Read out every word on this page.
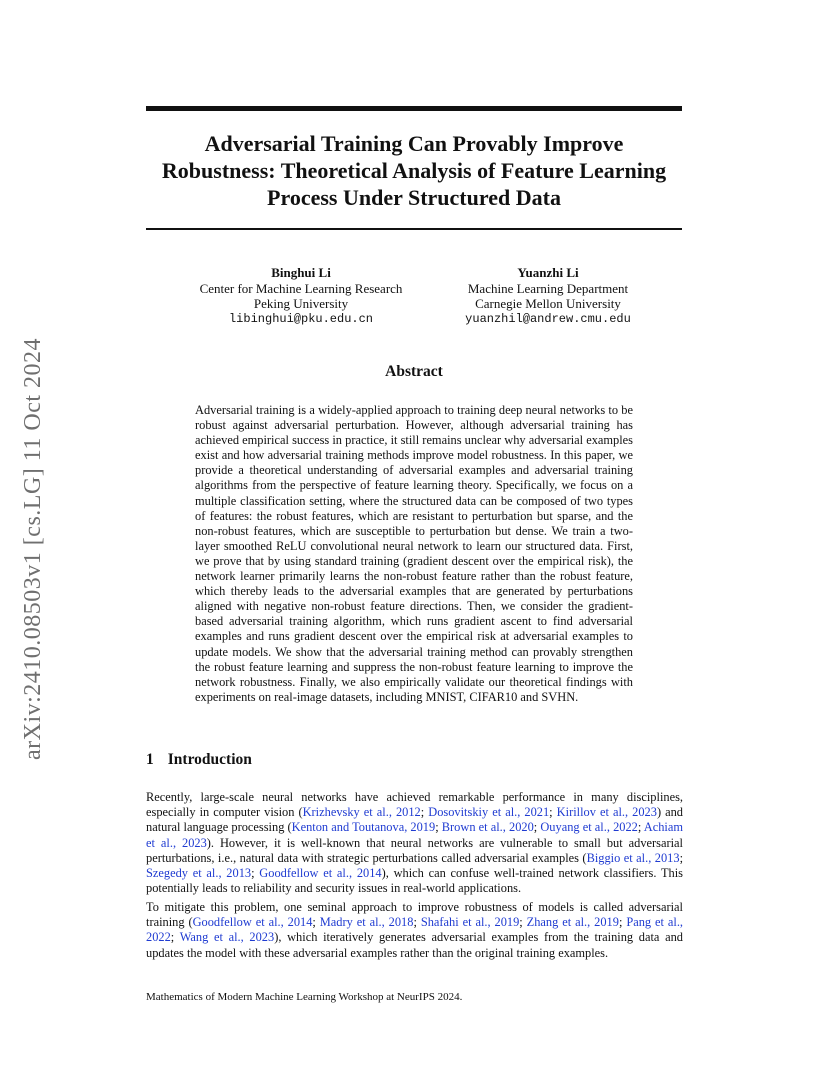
arXiv:2410.08503v1 [cs.LG] 11 Oct 2024
Adversarial Training Can Provably Improve
Robustness: Theoretical Analysis of Feature Learning
Process Under Structured Data
Binghui Li
Center for Machine Learning Research
Peking University
libinghui@pku.edu.cn
Yuanzhi Li
Machine Learning Department
Carnegie Mellon University
yuanzhil@andrew.cmu.edu
Abstract

Adversarial training is a widely-applied approach to training deep neural networks to be robust against adversarial perturbation. However, although adversarial training has achieved empirical success in practice, it still remains unclear why adversarial examples exist and how adversarial training methods improve model robustness. In this paper, we provide a theoretical understanding of adversarial examples and adversarial training algorithms from the perspective of feature learning theory. Specifically, we focus on a multiple classification setting, where the structured data can be composed of two types of features: the robust features, which are resistant to perturbation but sparse, and the non-robust features, which are susceptible to perturbation but dense. We train a two-layer smoothed ReLU convolutional neural network to learn our structured data. First, we prove that by using standard training (gradient descent over the empirical risk), the network learner primarily learns the non-robust feature rather than the robust feature, which thereby leads to the adversarial examples that are generated by perturbations aligned with negative non-robust feature directions. Then, we consider the gradient-based adversarial training algorithm, which runs gradient ascent to find adversarial examples and runs gradient descent over the empirical risk at adversarial examples to update models. We show that the adversarial training method can provably strengthen the robust feature learning and suppress the non-robust feature learning to improve the network robustness. Finally, we also empirically validate our theoretical findings with experiments on real-image datasets, including MNIST, CIFAR10 and SVHN.

1 Introduction

Recently, large-scale neural networks have achieved remarkable performance in many disciplines, especially in computer vision (Krizhevsky et al., 2012; Dosovitskiy et al., 2021; Kirillov et al., 2023) and natural language processing (Kenton and Toutanova, 2019; Brown et al., 2020; Ouyang et al., 2022; Achiam et al., 2023). However, it is well-known that neural networks are vulnerable to small but adversarial perturbations, i.e., natural data with strategic perturbations called adversarial examples (Biggio et al., 2013; Szegedy et al., 2013; Goodfellow et al., 2014), which can confuse well-trained network classifiers. This potentially leads to reliability and security issues in real-world applications.

To mitigate this problem, one seminal approach to improve robustness of models is called adversarial training (Goodfellow et al., 2014; Madry et al., 2018; Shafahi et al., 2019; Zhang et al., 2019; Pang et al., 2022; Wang et al., 2023), which iteratively generates adversarial examples from the training data and updates the model with these adversarial examples rather than the original training examples.

Mathematics of Modern Machine Learning Workshop at NeurIPS 2024.
